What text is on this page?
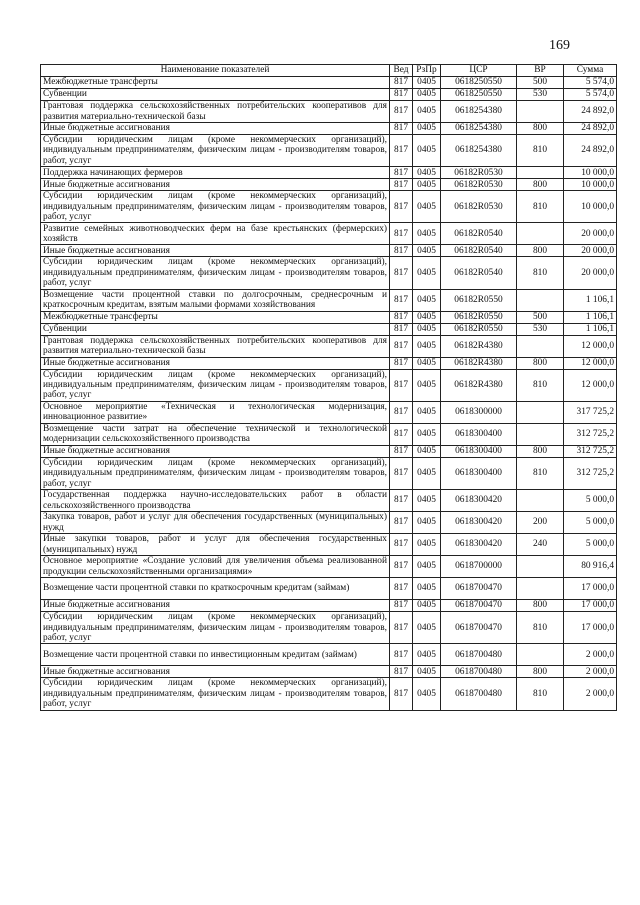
169
Наименование показателей	Вед	РзПр	ЦСР	ВР	Сумма
Межбюджетные трансферты	817	0405	0618250550	500	5 574,0
Субвенции	817	0405	0618250550	530	5 574,0
Грантовая поддержка сельскохозяйственных потребительских кооперативов для развития материально-технической базы	817	0405	0618254380		24 892,0
Иные бюджетные ассигнования	817	0405	0618254380	800	24 892,0
Субсидии юридическим лицам (кроме некоммерческих организаций), индивидуальным предпринимателям, физическим лицам - производителям товаров, работ, услуг	817	0405	0618254380	810	24 892,0
Поддержка начинающих фермеров	817	0405	06182R0530		10 000,0
Иные бюджетные ассигнования	817	0405	06182R0530	800	10 000,0
Субсидии юридическим лицам (кроме некоммерческих организаций), индивидуальным предпринимателям, физическим лицам - производителям товаров, работ, услуг	817	0405	06182R0530	810	10 000,0
Развитие семейных животноводческих ферм на базе крестьянских (фермерских) хозяйств	817	0405	06182R0540		20 000,0
Иные бюджетные ассигнования	817	0405	06182R0540	800	20 000,0
Субсидии юридическим лицам (кроме некоммерческих организаций), индивидуальным предпринимателям, физическим лицам - производителям товаров, работ, услуг	817	0405	06182R0540	810	20 000,0
Возмещение части процентной ставки по долгосрочным, среднесрочным и краткосрочным кредитам, взятым малыми формами хозяйствования	817	0405	06182R0550		1 106,1
Межбюджетные трансферты	817	0405	06182R0550	500	1 106,1
Субвенции	817	0405	06182R0550	530	1 106,1
Грантовая поддержка сельскохозяйственных потребительских кооперативов для развития материально-технической базы	817	0405	06182R4380		12 000,0
Иные бюджетные ассигнования	817	0405	06182R4380	800	12 000,0
Субсидии юридическим лицам (кроме некоммерческих организаций), индивидуальным предпринимателям, физическим лицам - производителям товаров, работ, услуг	817	0405	06182R4380	810	12 000,0
Основное мероприятие «Техническая и технологическая модернизация, инновационное развитие»	817	0405	0618300000		317 725,2
Возмещение части затрат на обеспечение технической и технологической модернизации сельскохозяйственного производства	817	0405	0618300400		312 725,2
Иные бюджетные ассигнования	817	0405	0618300400	800	312 725,2
Субсидии юридическим лицам (кроме некоммерческих организаций), индивидуальным предпринимателям, физическим лицам - производителям товаров, работ, услуг	817	0405	0618300400	810	312 725,2
Государственная поддержка научно-исследовательских работ в области сельскохозяйственного производства	817	0405	0618300420		5 000,0
Закупка товаров, работ и услуг для обеспечения государственных (муниципальных) нужд	817	0405	0618300420	200	5 000,0
Иные закупки товаров, работ и услуг для обеспечения государственных (муниципальных) нужд	817	0405	0618300420	240	5 000,0
Основное мероприятие «Создание условий для увеличения объема реализованной продукции сельскохозяйственными организациями»	817	0405	0618700000		80 916,4
Возмещение части процентной ставки по краткосрочным кредитам (займам)	817	0405	0618700470		17 000,0
Иные бюджетные ассигнования	817	0405	0618700470	800	17 000,0
Субсидии юридическим лицам (кроме некоммерческих организаций), индивидуальным предпринимателям, физическим лицам - производителям товаров, работ, услуг	817	0405	0618700470	810	17 000,0
Возмещение части процентной ставки по инвестиционным кредитам (займам)	817	0405	0618700480		2 000,0
Иные бюджетные ассигнования	817	0405	0618700480	800	2 000,0
Субсидии юридическим лицам (кроме некоммерческих организаций), индивидуальным предпринимателям, физическим лицам - производителям товаров, работ, услуг	817	0405	0618700480	810	2 000,0
